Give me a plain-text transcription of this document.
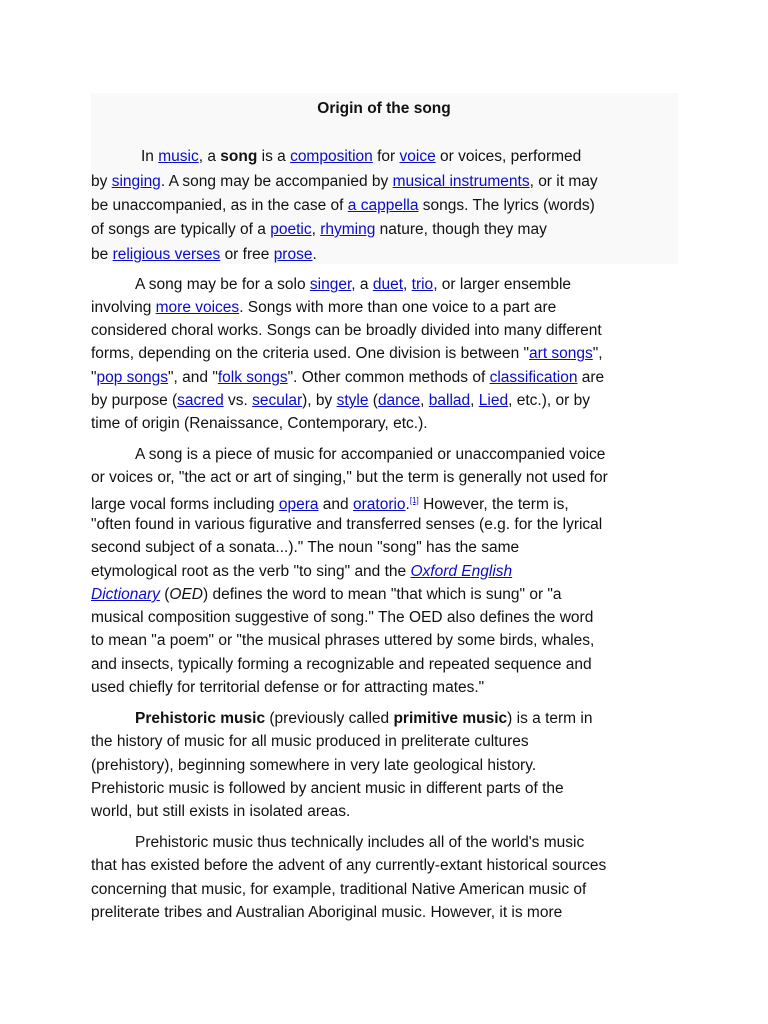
Origin of the song
In music, a song is a composition for voice or voices, performed
by singing. A song may be accompanied by musical instruments, or it may
be unaccompanied, as in the case of a cappella songs. The lyrics (words)
of songs are typically of a poetic, rhyming nature, though they may
be religious verses or free prose.
A song may be for a solo singer, a duet, trio, or larger ensemble
involving more voices. Songs with more than one voice to a part are
considered choral works. Songs can be broadly divided into many different
forms, depending on the criteria used. One division is between "art songs",
"pop songs", and "folk songs". Other common methods of classification are
by purpose (sacred vs. secular), by style (dance, ballad, Lied, etc.), or by
time of origin (Renaissance, Contemporary, etc.).
A song is a piece of music for accompanied or unaccompanied voice
or voices or, "the act or art of singing," but the term is generally not used for
large vocal forms including opera and oratorio.[1] However, the term is,
"often found in various figurative and transferred senses (e.g. for the lyrical
second subject of a sonata...)." The noun "song" has the same
etymological root as the verb "to sing" and the Oxford English
Dictionary (OED) defines the word to mean "that which is sung" or "a
musical composition suggestive of song." The OED also defines the word
to mean "a poem" or "the musical phrases uttered by some birds, whales,
and insects, typically forming a recognizable and repeated sequence and
used chiefly for territorial defense or for attracting mates."
Prehistoric music (previously called primitive music) is a term in
the history of music for all music produced in preliterate cultures
(prehistory), beginning somewhere in very late geological history.
Prehistoric music is followed by ancient music in different parts of the
world, but still exists in isolated areas.
Prehistoric music thus technically includes all of the world's music
that has existed before the advent of any currently-extant historical sources
concerning that music, for example, traditional Native American music of
preliterate tribes and Australian Aboriginal music. However, it is more
